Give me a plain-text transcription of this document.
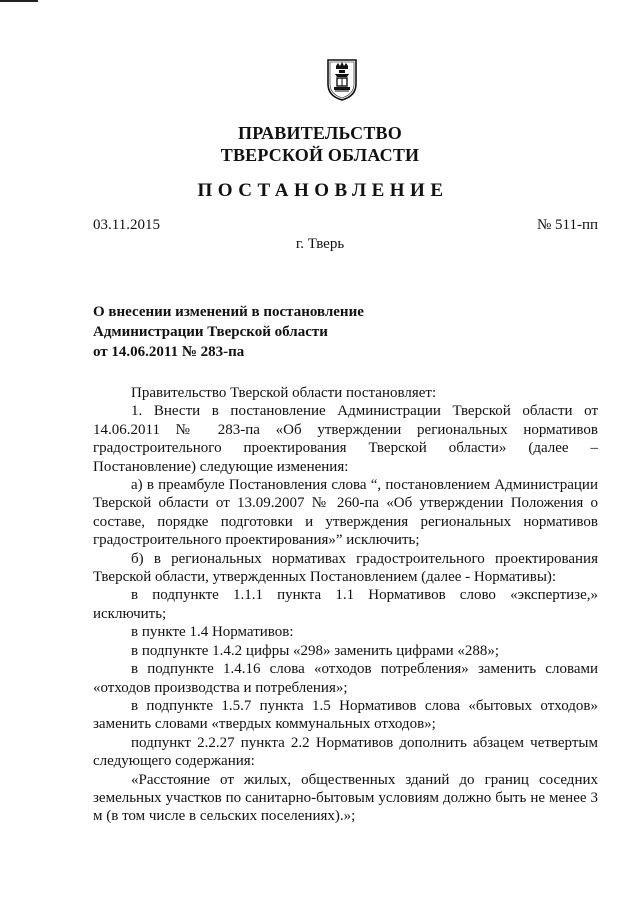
ПРАВИТЕЛЬСТВО
ТВЕРСКОЙ ОБЛАСТИ
ПОСТАНОВЛЕНИЕ
03.11.2015	№ 511-пп
г. Тверь
О внесении изменений в постановление
Администрации Тверской области
от 14.06.2011 № 283-па

Правительство Тверской области постановляет:

1. Внести в постановление Администрации Тверской области от 14.06.2011 № 283-па «Об утверждении региональных нормативов градостроительного проектирования Тверской области» (далее – Постановление) следующие изменения:

а) в преамбуле Постановления слова “, постановлением Администрации Тверской области от 13.09.2007 № 260-па «Об утверждении Положения о составе, порядке подготовки и утверждения региональных нормативов градостроительного проектирования»” исключить;

б) в региональных нормативах градостроительного проектирования Тверской области, утвержденных Постановлением (далее - Нормативы):

в подпункте 1.1.1 пункта 1.1 Нормативов слово «экспертизе,» исключить;

в пункте 1.4 Нормативов:

в подпункте 1.4.2 цифры «298» заменить цифрами «288»;

в подпункте 1.4.16 слова «отходов потребления» заменить словами «отходов производства и потребления»;

в подпункте 1.5.7 пункта 1.5 Нормативов слова «бытовых отходов» заменить словами «твердых коммунальных отходов»;

подпункт 2.2.27 пункта 2.2 Нормативов дополнить абзацем четвертым следующего содержания:

«Расстояние от жилых, общественных зданий до границ соседних земельных участков по санитарно-бытовым условиям должно быть не менее 3 м (в том числе в сельских поселениях).»;
